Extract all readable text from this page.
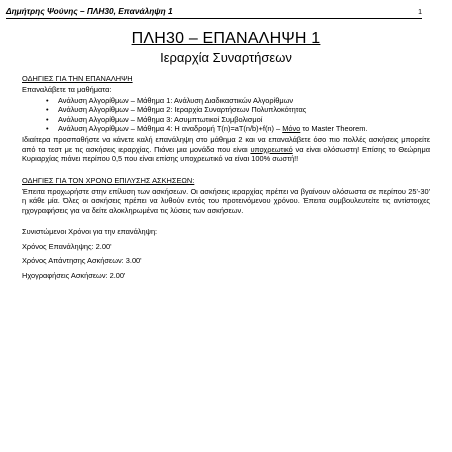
Δημήτρης Ψούνης – ΠΛΗ30, Επανάληψη 1	1
ΠΛΗ30 – ΕΠΑΝΑΛΗΨΗ 1
Ιεραρχία Συναρτήσεων
ΟΔΗΓΙΕΣ ΓΙΑ ΤΗΝ ΕΠΑΝΑΛΗΨΗ
Επαναλάβετε τα μαθήματα:
• Ανάλυση Αλγορίθμων – Μάθημα 1: Ανάλυση Διαδικαστικών Αλγορίθμων
• Ανάλυση Αλγορίθμων – Μάθημα 2: Ιεραρχία Συναρτήσεων Πολυπλοκότητας
• Ανάλυση Αλγορίθμων – Μάθημα 3: Ασυμπτωτικοί Συμβολισμοί
• Ανάλυση Αλγορίθμων – Μάθημα 4: Η αναδρομή T(n)=aT(n/b)+f(n) – Μόνο το Master Theorem.
Ιδιαίτερα προσπαθήστε να κάνετε καλή επανάληψη στο μάθημα 2 και να επαναλάβετε όσο πιο πολλές ασκήσεις μπορείτε από τα τεστ με τις ασκήσεις ιεραρχίας. Πιάνει μια μονάδα που είναι υποχρεωτικό να είναι ολόσωστη! Επίσης το Θεώρημα Κυριαρχίας πιάνει περίπου 0,5 που είναι επίσης υποχρεωτικό να είναι 100% σωστή!!
ΟΔΗΓΙΕΣ ΓΙΑ ΤΟΝ ΧΡΟΝΟ ΕΠΙΛΥΣΗΣ ΑΣΚΗΣΕΩΝ:
Έπειτα προχωρήστε στην επίλυση των ασκήσεων. Οι ασκήσεις ιεραρχίας πρέπει να βγαίνουν ολόσωστα σε περίπου 25'-30' η κάθε μία. Όλες οι ασκήσεις πρέπει να λυθούν εντός του προτεινόμενου χρόνου. Έπειτα συμβουλευτείτε τις αντίστοιχες ηχογραφήσεις για να δείτε αλοκληρωμένα τις λύσεις των ασκήσεων.
Συνιστώμενοι Χρόνοι για την επανάληψη:
Χρόνος Επανάληψης: 2.00'
Χρόνος Απάντησης Ασκήσεων: 3.00'
Ηχογραφήσεις Ασκήσεων: 2.00'
